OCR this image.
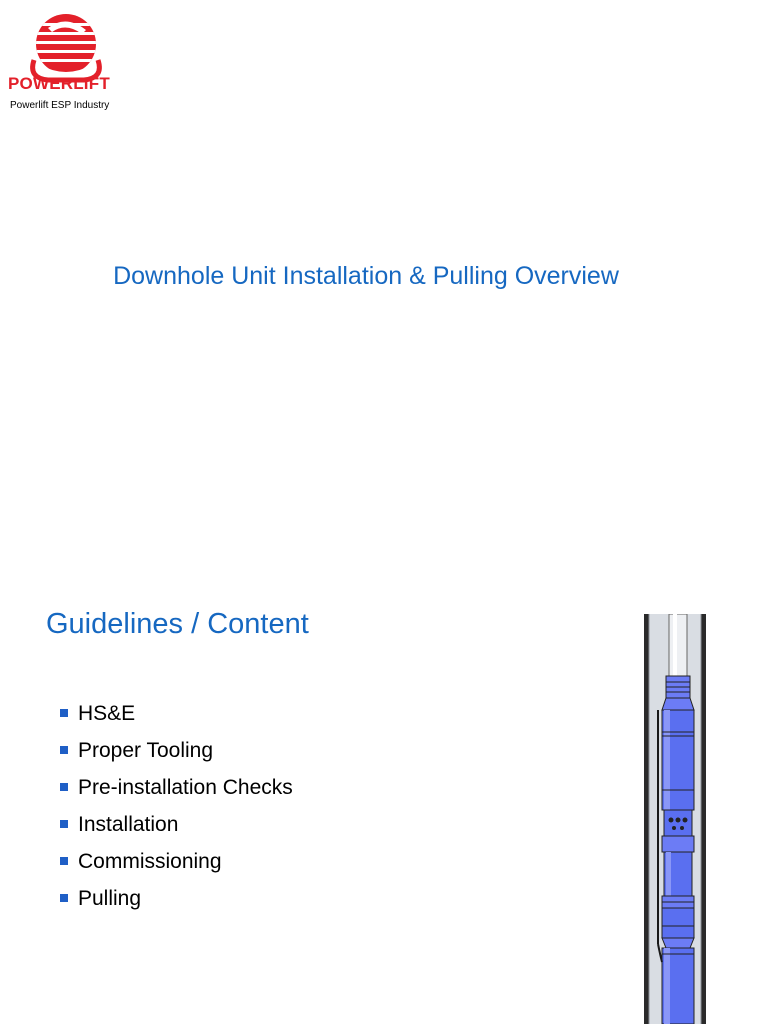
POWERLIFT
Powerlift ESP Industry
Downhole Unit Installation & Pulling Overview
Guidelines / Content
HS&E
Proper Tooling
Pre-installation Checks
Installation
Commissioning
Pulling
